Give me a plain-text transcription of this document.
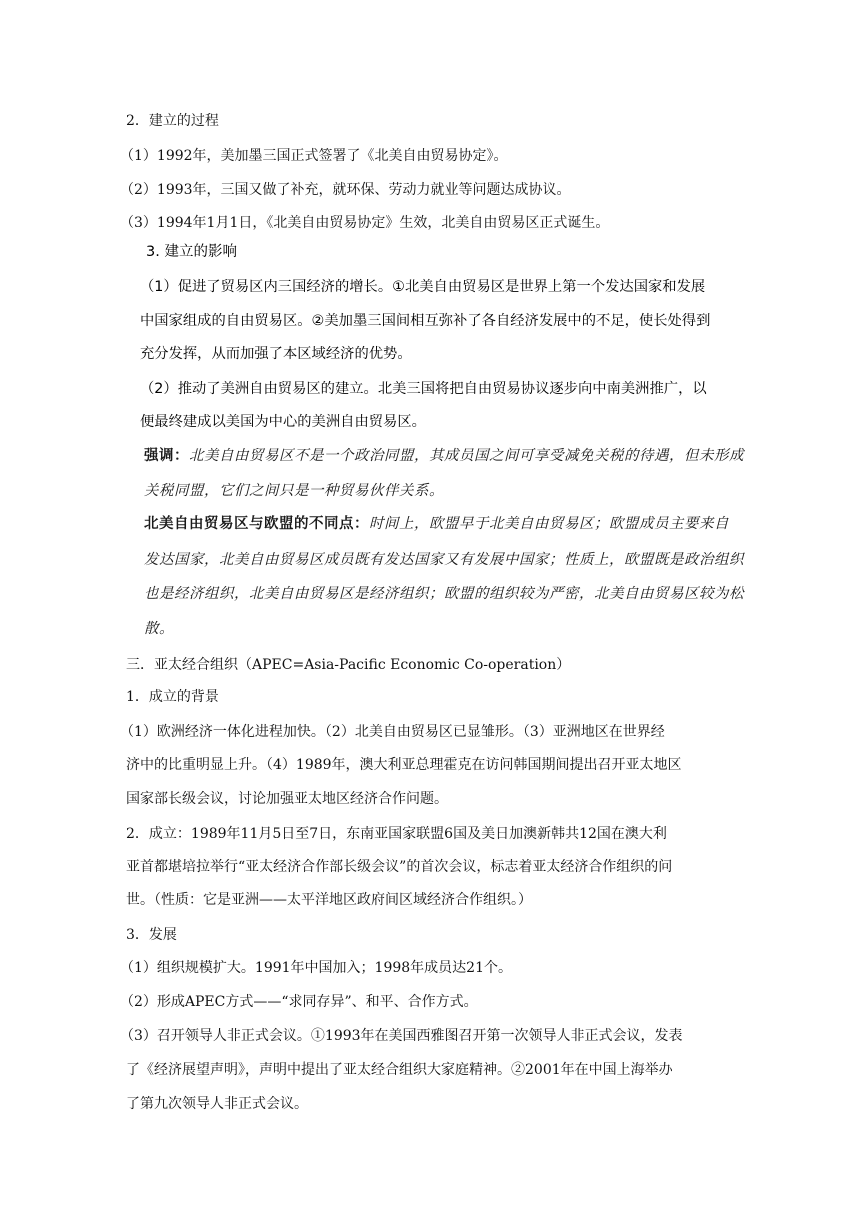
2．建立的过程
（1）1992年，美加墨三国正式签署了《北美自由贸易协定》。
（2）1993年，三国又做了补充，就环保、劳动力就业等问题达成协议。
（3）1994年1月1日，《北美自由贸易协定》生效，北美自由贸易区正式诞生。
3. 建立的影响
（1）促进了贸易区内三国经济的增长。①北美自由贸易区是世界上第一个发达国家和发展
中国家组成的自由贸易区。②美加墨三国间相互弥补了各自经济发展中的不足，使长处得到
充分发挥，从而加强了本区域经济的优势。
（2）推动了美洲自由贸易区的建立。北美三国将把自由贸易协议逐步向中南美洲推广，以
便最终建成以美国为中心的美洲自由贸易区。
强调：北美自由贸易区不是一个政治同盟，其成员国之间可享受减免关税的待遇，但未形成
关税同盟，它们之间只是一种贸易伙伴关系。
北美自由贸易区与欧盟的不同点：时间上，欧盟早于北美自由贸易区；欧盟成员主要来自
发达国家，北美自由贸易区成员既有发达国家又有发展中国家；性质上，欧盟既是政治组织
也是经济组织，北美自由贸易区是经济组织；欧盟的组织较为严密，北美自由贸易区较为松
散。
三．亚太经合组织（APEC=Asia-Pacific Economic Co-operation）
1．成立的背景
（1）欧洲经济一体化进程加快。（2）北美自由贸易区已显雏形。（3）亚洲地区在世界经
济中的比重明显上升。（4）1989年，澳大利亚总理霍克在访问韩国期间提出召开亚太地区
国家部长级会议，讨论加强亚太地区经济合作问题。
2．成立：1989年11月5日至7日，东南亚国家联盟6国及美日加澳新韩共12国在澳大利
亚首都堪培拉举行“亚太经济合作部长级会议”的首次会议，标志着亚太经济合作组织的问
世。（性质：它是亚洲——太平洋地区政府间区域经济合作组织。）
3．发展
（1）组织规模扩大。1991年中国加入；1998年成员达21个。
（2）形成APEC方式——“求同存异”、和平、合作方式。
（3）召开领导人非正式会议。①1993年在美国西雅图召开第一次领导人非正式会议，发表
了《经济展望声明》，声明中提出了亚太经合组织大家庭精神。②2001年在中国上海举办
了第九次领导人非正式会议。
